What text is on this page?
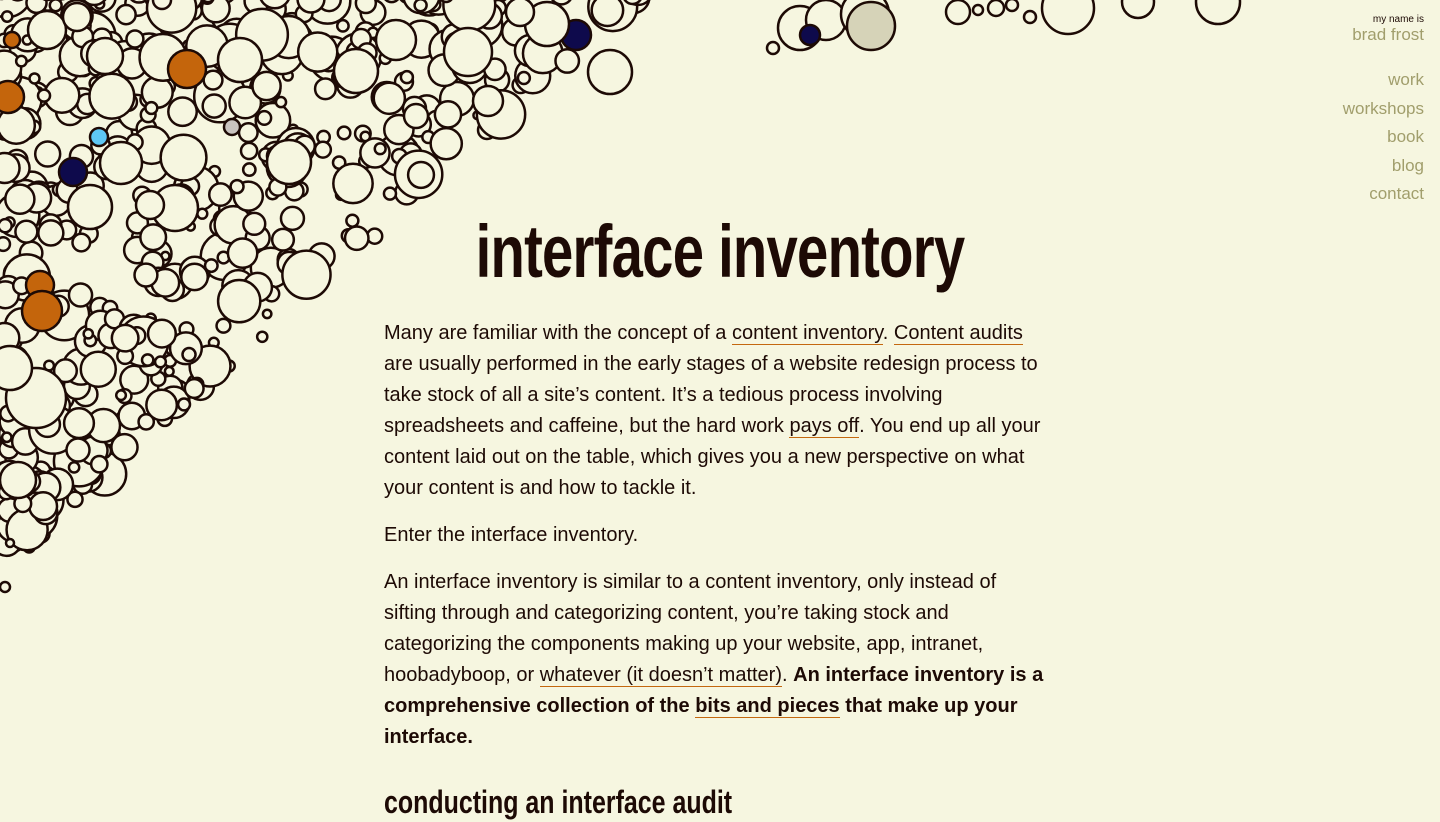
my name is
brad frost
work
workshops
book
blog
contact
interface inventory

Many are familiar with the concept of a content inventory. Content audits are usually performed in the early stages of a website redesign process to take stock of all a site’s content. It’s a tedious process involving spreadsheets and caffeine, but the hard work pays off. You end up all your content laid out on the table, which gives you a new perspective on what your content is and how to tackle it.

Enter the interface inventory.

An interface inventory is similar to a content inventory, only instead of sifting through and categorizing content, you’re taking stock and categorizing the components making up your website, app, intranet, hoobadyboop, or whatever (it doesn’t matter). An interface inventory is a comprehensive collection of the bits and pieces that make up your interface.

conducting an interface audit
